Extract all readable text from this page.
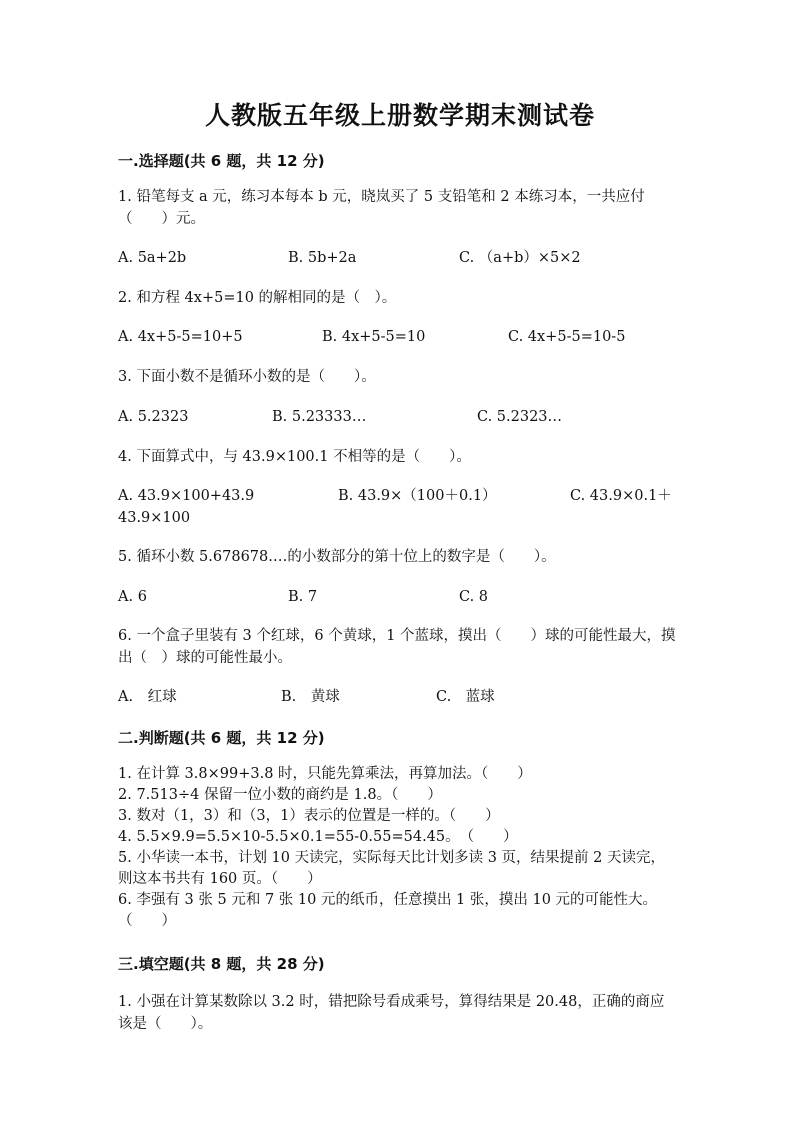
人教版五年级上册数学期末测试卷
一.选择题(共 6 题，共 12 分)
1. 铅笔每支 a 元，练习本每本 b 元，晓岚买了 5 支铅笔和 2 本练习本，一共应付（　　）元。
A. 5a+2b	B. 5b+2a	C. （a+b）×5×2
2. 和方程 4x+5=10 的解相同的是（　）。
A. 4x+5-5=10+5	B. 4x+5-5=10	C. 4x+5-5=10-5
3. 下面小数不是循环小数的是（　　）。
A. 5.2323	B. 5.23333…	C. 5.2323…
4. 下面算式中，与 43.9×100.1 不相等的是（　　）。
A. 43.9×100+43.9	B. 43.9×（100＋0.1）	C. 43.9×0.1＋
43.9×100
5. 循环小数 5.678678.…的小数部分的第十位上的数字是（　　）。
A. 6	B. 7	C. 8
6. 一个盒子里装有 3 个红球，6 个黄球，1 个蓝球，摸出（　　）球的可能性最大，摸出（　）球的可能性最小。
A.　红球	B.　黄球	C.　蓝球
二.判断题(共 6 题，共 12 分)
1. 在计算 3.8×99+3.8 时，只能先算乘法，再算加法。（　　）
2. 7.513÷4 保留一位小数的商约是 1.8。（　　）
3. 数对（1，3）和（3，1）表示的位置是一样的。（　　）
4. 5.5×9.9=5.5×10-5.5×0.1=55-0.55=54.45。　（　　）
5. 小华读一本书，计划 10 天读完，实际每天比计划多读 3 页，结果提前 2 天读完，则这本书共有 160 页。（　　）
6. 李强有 3 张 5 元和 7 张 10 元的纸币，任意摸出 1 张，摸出 10 元的可能性大。　　（　　）
三.填空题(共 8 题，共 28 分)
1. 小强在计算某数除以 3.2 时，错把除号看成乘号，算得结果是 20.48，正确的商应该是（　　）。
